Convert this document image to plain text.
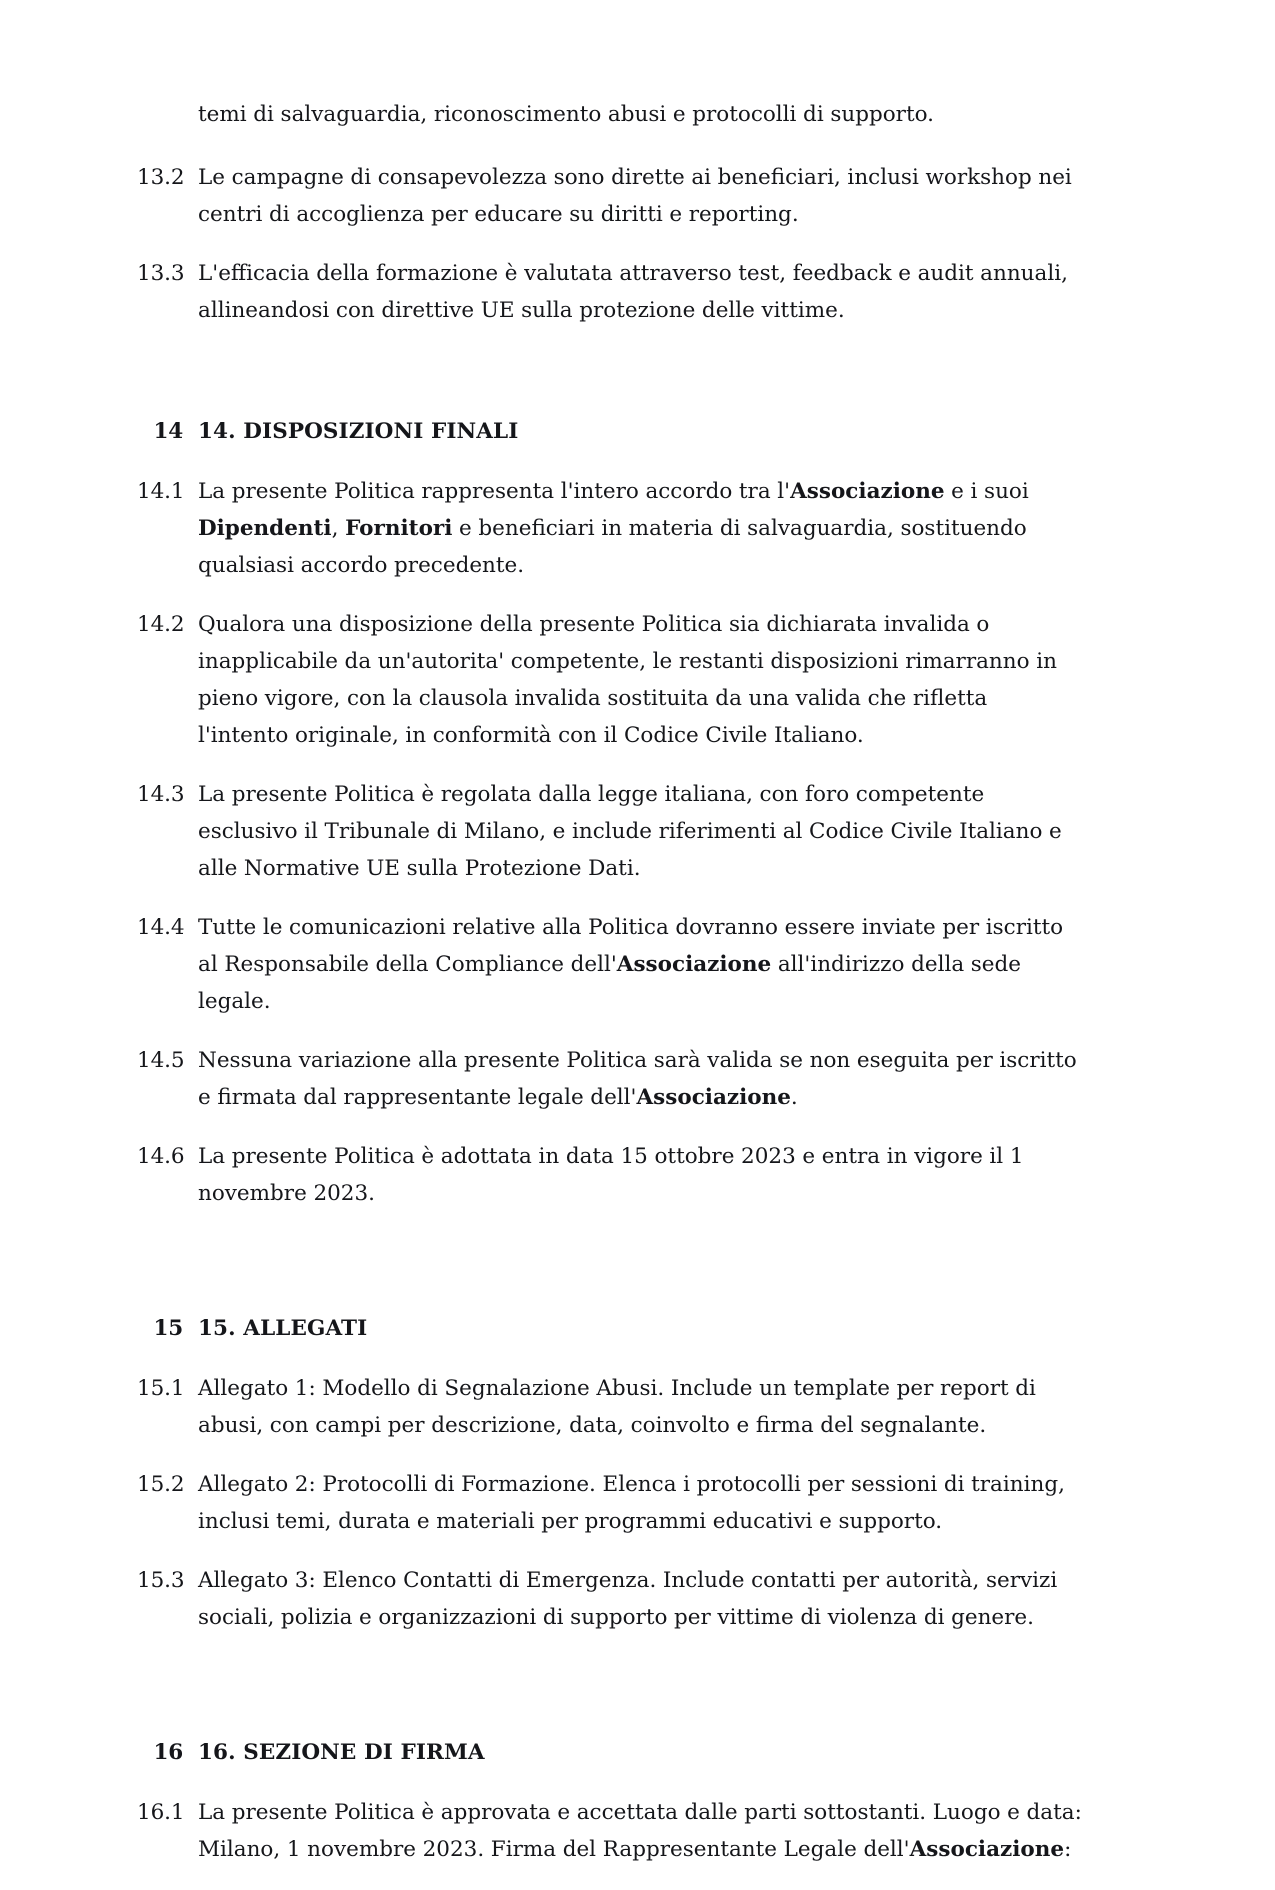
temi di salvaguardia, riconoscimento abusi e protocolli di supporto.
13.2 Le campagne di consapevolezza sono dirette ai beneficiari, inclusi workshop nei centri di accoglienza per educare su diritti e reporting.
13.3 L'efficacia della formazione è valutata attraverso test, feedback e audit annuali, allineandosi con direttive UE sulla protezione delle vittime.
14 14. DISPOSIZIONI FINALI
14.1 La presente Politica rappresenta l'intero accordo tra l'Associazione e i suoi Dipendenti, Fornitori e beneficiari in materia di salvaguardia, sostituendo qualsiasi accordo precedente.
14.2 Qualora una disposizione della presente Politica sia dichiarata invalida o inapplicabile da un'autorita' competente, le restanti disposizioni rimarranno in pieno vigore, con la clausola invalida sostituita da una valida che rifletta l'intento originale, in conformità con il Codice Civile Italiano.
14.3 La presente Politica è regolata dalla legge italiana, con foro competente esclusivo il Tribunale di Milano, e include riferimenti al Codice Civile Italiano e alle Normative UE sulla Protezione Dati.
14.4 Tutte le comunicazioni relative alla Politica dovranno essere inviate per iscritto al Responsabile della Compliance dell'Associazione all'indirizzo della sede legale.
14.5 Nessuna variazione alla presente Politica sarà valida se non eseguita per iscritto e firmata dal rappresentante legale dell'Associazione.
14.6 La presente Politica è adottata in data 15 ottobre 2023 e entra in vigore il 1 novembre 2023.
15 15. ALLEGATI
15.1 Allegato 1: Modello di Segnalazione Abusi. Include un template per report di abusi, con campi per descrizione, data, coinvolto e firma del segnalante.
15.2 Allegato 2: Protocolli di Formazione. Elenca i protocolli per sessioni di training, inclusi temi, durata e materiali per programmi educativi e supporto.
15.3 Allegato 3: Elenco Contatti di Emergenza. Include contatti per autorità, servizi sociali, polizia e organizzazioni di supporto per vittime di violenza di genere.
16 16. SEZIONE DI FIRMA
16.1 La presente Politica è approvata e accettata dalle parti sottostanti. Luogo e data: Milano, 1 novembre 2023. Firma del Rappresentante Legale dell'Associazione:
